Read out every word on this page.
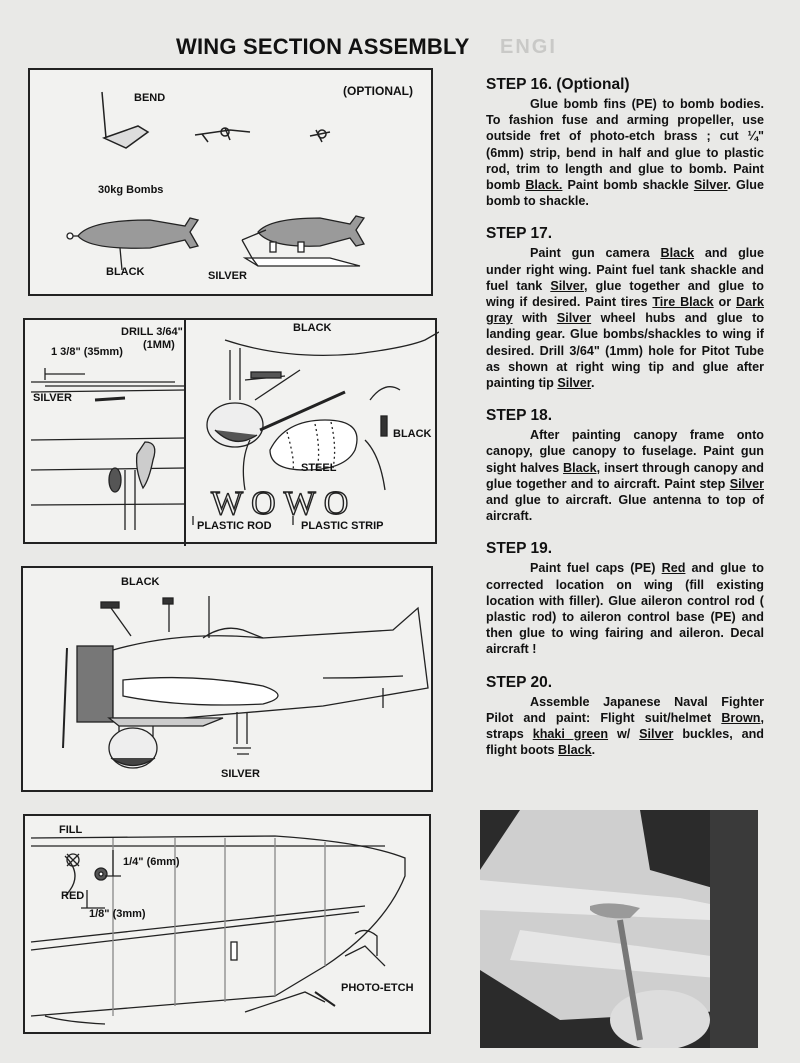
WING SECTION ASSEMBLY ENGI
(OPTIONAL)
BEND
30kg Bombs
BLACK	SILVER
WOWO
DRILL 3/64"
(1MM)
1 3/8" (35mm)
SILVER
BLACK
BLACK
STEEL
PLASTIC ROD	PLASTIC STRIP
BLACK
SILVER
FILL
RED
1/4" (6mm)
1/8" (3mm)
PHOTO-ETCH
STEP 16. (Optional)
Glue bomb fins (PE) to bomb bodies. To fashion fuse and arming propeller, use outside fret of photo-etch brass ; cut ¼" (6mm) strip, bend in half and glue to plastic rod, trim to length and glue to bomb. Paint bomb Black. Paint bomb shackle Silver. Glue bomb to shackle.
STEP 17.
Paint gun camera Black and glue under right wing. Paint fuel tank shackle and fuel tank Silver, glue together and glue to wing if desired. Paint tires Tire Black or Dark gray with Silver wheel hubs and glue to landing gear. Glue bombs/shackles to wing if desired. Drill 3/64" (1mm) hole for Pitot Tube as shown at right wing tip and glue after painting tip Silver.
STEP 18.
After painting canopy frame onto canopy, glue canopy to fuselage. Paint gun sight halves Black, insert through canopy and glue together and to aircraft. Paint step Silver and glue to aircraft. Glue antenna to top of aircraft.
STEP 19.
Paint fuel caps (PE) Red and glue to corrected location on wing (fill existing location with filler). Glue aileron control rod ( plastic rod) to aileron control base (PE) and then glue to wing fairing and aileron. Decal aircraft !
STEP 20.
Assemble Japanese Naval Fighter Pilot and paint: Flight suit/helmet Brown, straps khaki green w/ Silver buckles, and flight boots Black.
